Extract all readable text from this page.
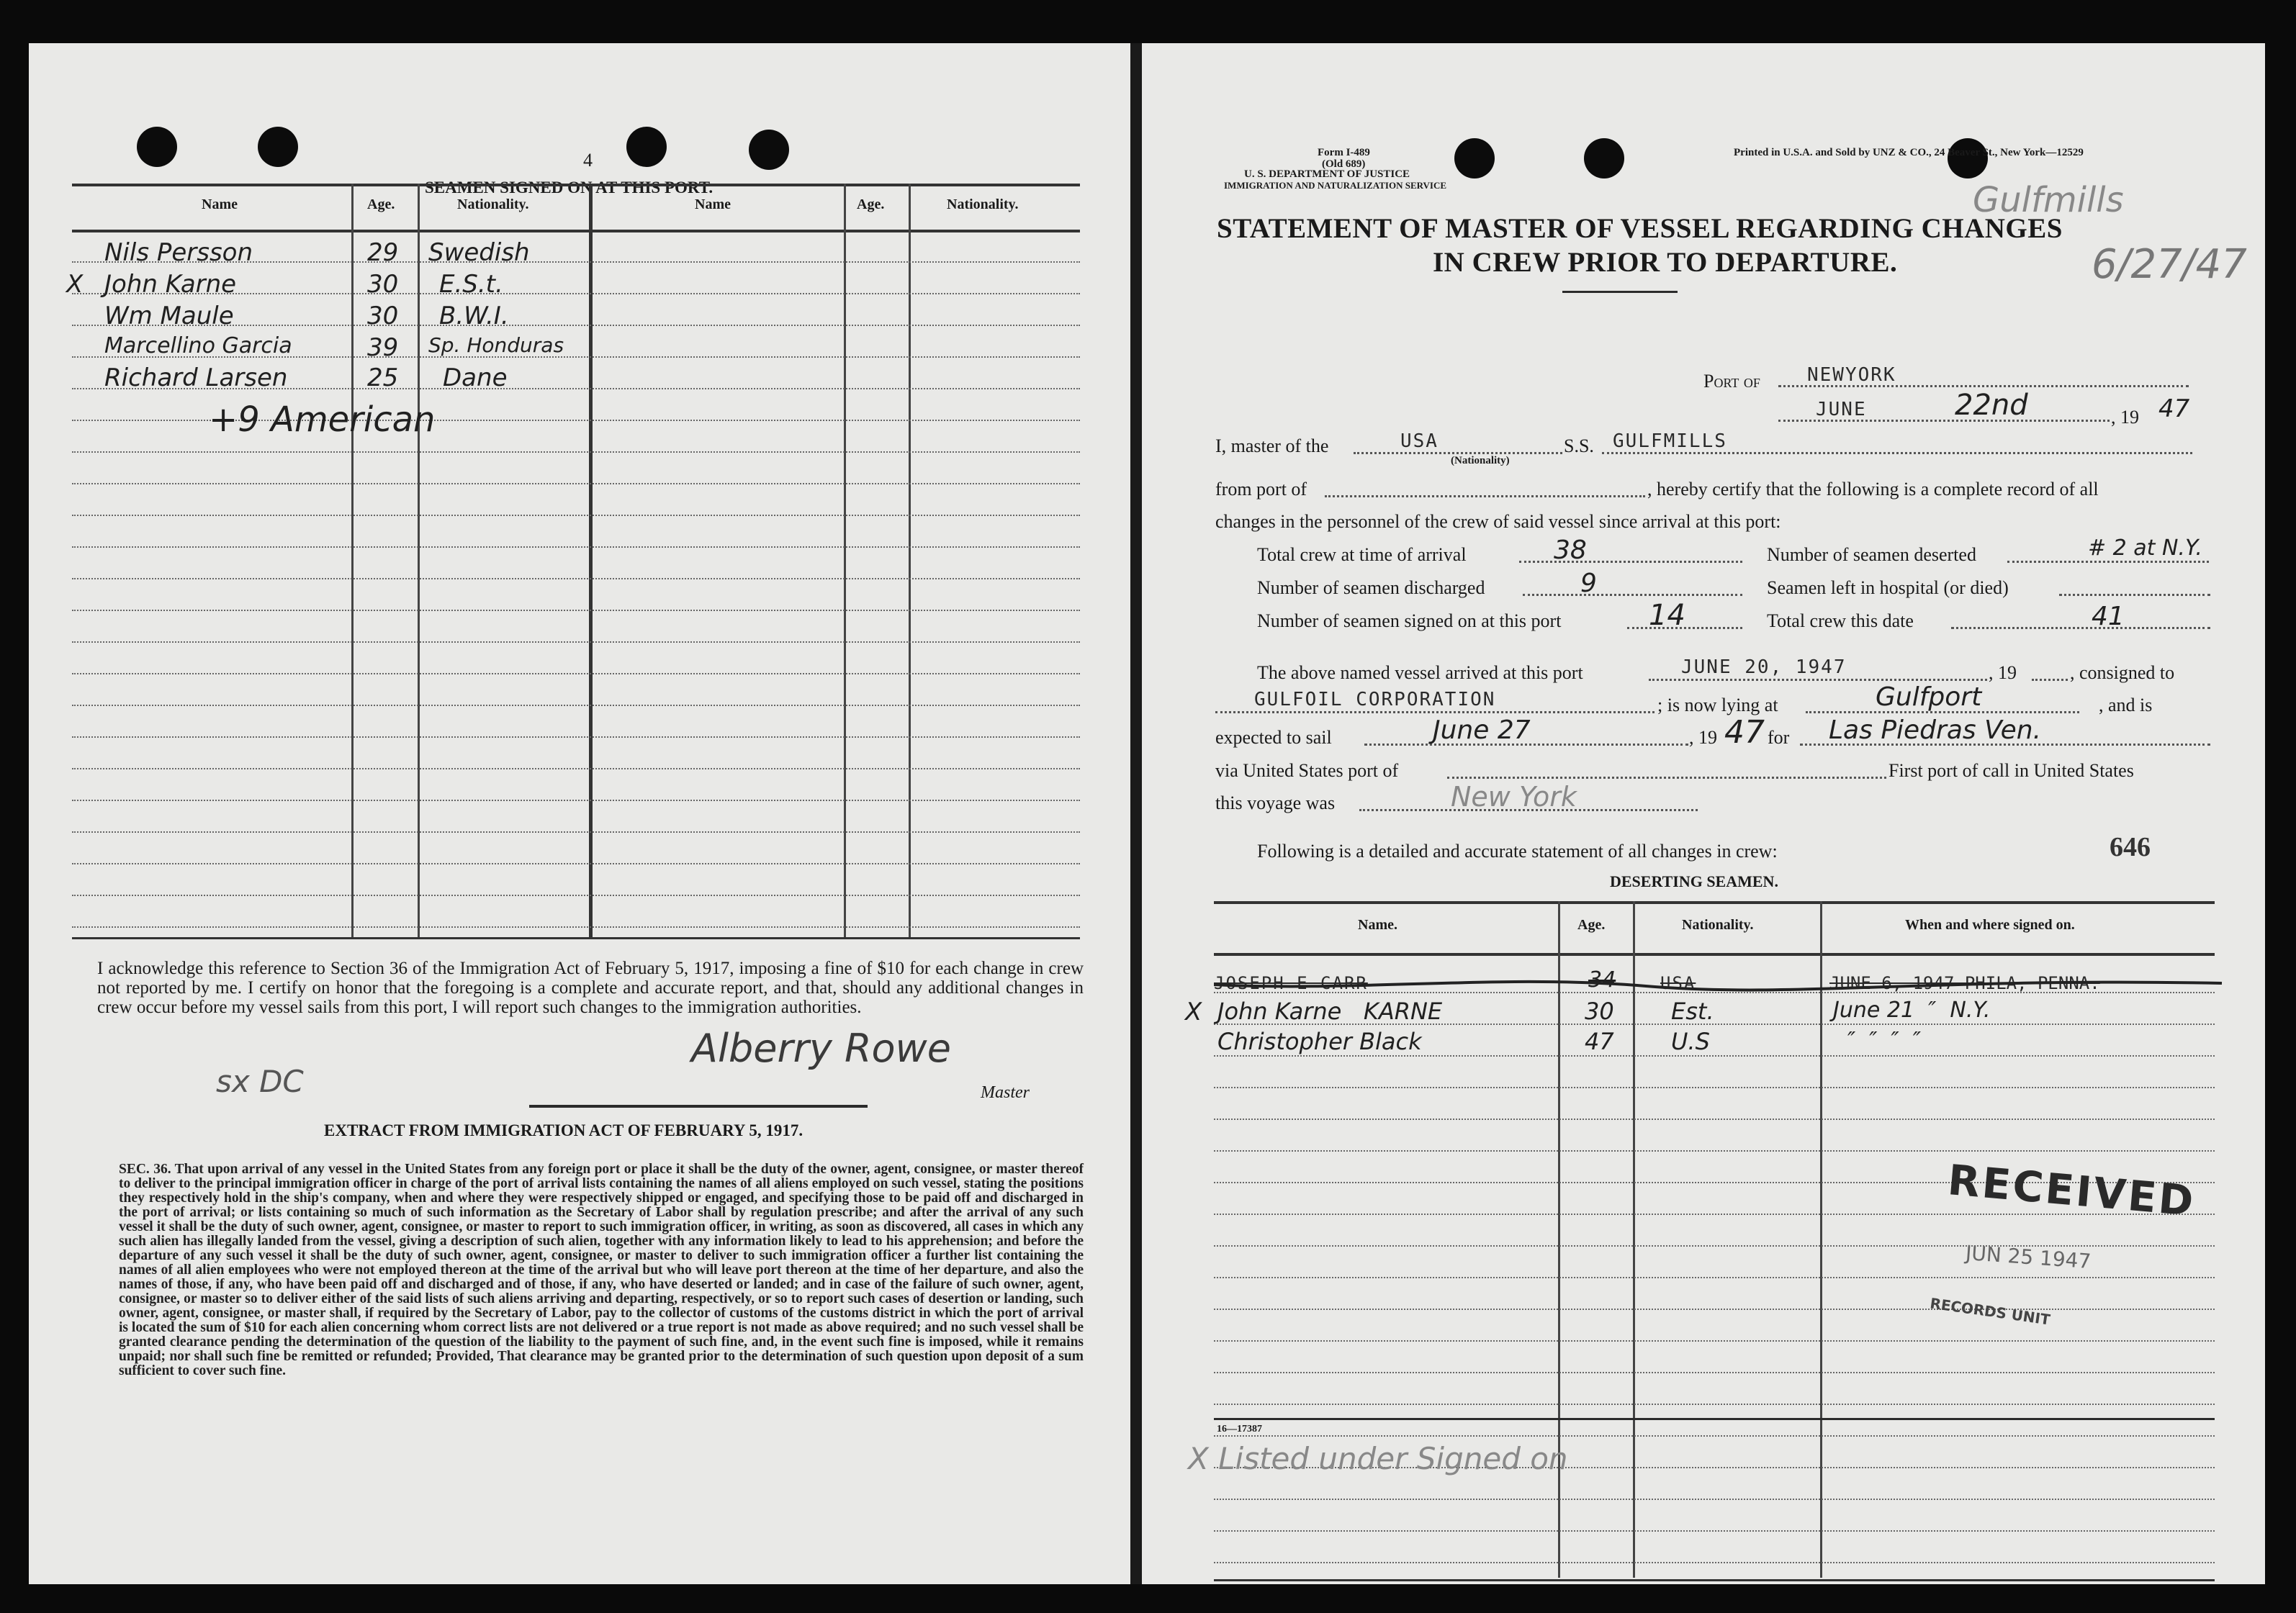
4
SEAMEN SIGNED ON AT THIS PORT.
Name	Age.	Nationality.	Name	Age.	Nationality.
X
Nils Persson	29 Swedish
John Karne	30 E.S.t.
Wm Maule	30 B.W.I.
Marcellino Garcia	39 Sp. Honduras
Richard Larsen	25 Dane
+9 American
I acknowledge this reference to Section 36 of the Immigration Act of February 5, 1917, imposing a fine of $10 for each change in crew not reported by me. I certify on honor that the foregoing is a complete and accurate report, and that, should any additional changes in crew occur before my vessel sails from this port, I will report such changes to the immigration authorities.
sx DC
Alberry Rowe
Master
EXTRACT FROM IMMIGRATION ACT OF FEBRUARY 5, 1917.
SEC. 36. That upon arrival of any vessel in the United States from any foreign port or place it shall be the duty of the owner, agent, consignee, or master thereof to deliver to the principal immigration officer in charge of the port of arrival lists containing the names of all aliens employed on such vessel, stating the positions they respectively hold in the ship's company, when and where they were respectively shipped or engaged, and specifying those to be paid off and discharged in the port of arrival; or lists containing so much of such information as the Secretary of Labor shall by regulation prescribe; and after the arrival of any such vessel it shall be the duty of such owner, agent, consignee, or master to report to such immigration officer, in writing, as soon as discovered, all cases in which any such alien has illegally landed from the vessel, giving a description of such alien, together with any information likely to lead to his apprehension; and before the departure of any such vessel it shall be the duty of such owner, agent, consignee, or master to deliver to such immigration officer a further list containing the names of all alien employees who were not employed thereon at the time of the arrival but who will leave port thereon at the time of her departure, and also the names of those, if any, who have been paid off and discharged and of those, if any, who have deserted or landed; and in case of the failure of such owner, agent, consignee, or master so to deliver either of the said lists of such aliens arriving and departing, respectively, or so to report such cases of desertion or landing, such owner, agent, consignee, or master shall, if required by the Secretary of Labor, pay to the collector of customs of the customs district in which the port of arrival is located the sum of $10 for each alien concerning whom correct lists are not delivered or a true report is not made as above required; and no such vessel shall be granted clearance pending the determination of the question of the liability to the payment of such fine, and, in the event such fine is imposed, while it remains unpaid; nor shall such fine be remitted or refunded; Provided, That clearance may be granted prior to the determination of such question upon deposit of a sum sufficient to cover such fine.
Form I-489
(Old 689)
U. S. DEPARTMENT OF JUSTICE
IMMIGRATION AND NATURALIZATION SERVICE
Printed in U.S.A. and Sold by UNZ & CO., 24 Beaver St., New York—12529
Gulfmills
6/27/47
STATEMENT OF MASTER OF VESSEL REGARDING CHANGES
IN CREW PRIOR TO DEPARTURE.
Port of	NEWYORK
JUNE	22nd	, 19 47
I, master of the	USA
(Nationality)
S.S. GULFMILLS
from port of	, hereby certify that the following is a complete record of all
changes in the personnel of the crew of said vessel since arrival at this port:
Total crew at time of arrival	38	Number of seamen deserted	# 2 at N.Y.
Number of seamen discharged	9	Seamen left in hospital (or died)
Number of seamen signed on at this port	14	Total crew this date	41
The above named vessel arrived at this port	JUNE 20, 1947	, 19	, consigned to
GULFOIL CORPORATION	; is now lying at	Gulfport	, and is
expected to sail	June 27	, 19 47 for Las Piedras Ven.
via United States port of	First port of call in United States
this voyage was	New York
Following is a detailed and accurate statement of all changes in crew:	646
DESERTING SEAMEN.
Name.	Age.	Nationality.	When and where signed on.
JOSEPH E CARR	34	USA	JUNE 6, 1947 PHILA, PENNA.
X John Karne   KARNE	30 Est.	June 21  ″  N.Y.
Christopher Black	47 U.S	″  ″  ″  ″
RECEIVED
JUN 25 1947
RECORDS UNIT
16—17387
X Listed under Signed on
